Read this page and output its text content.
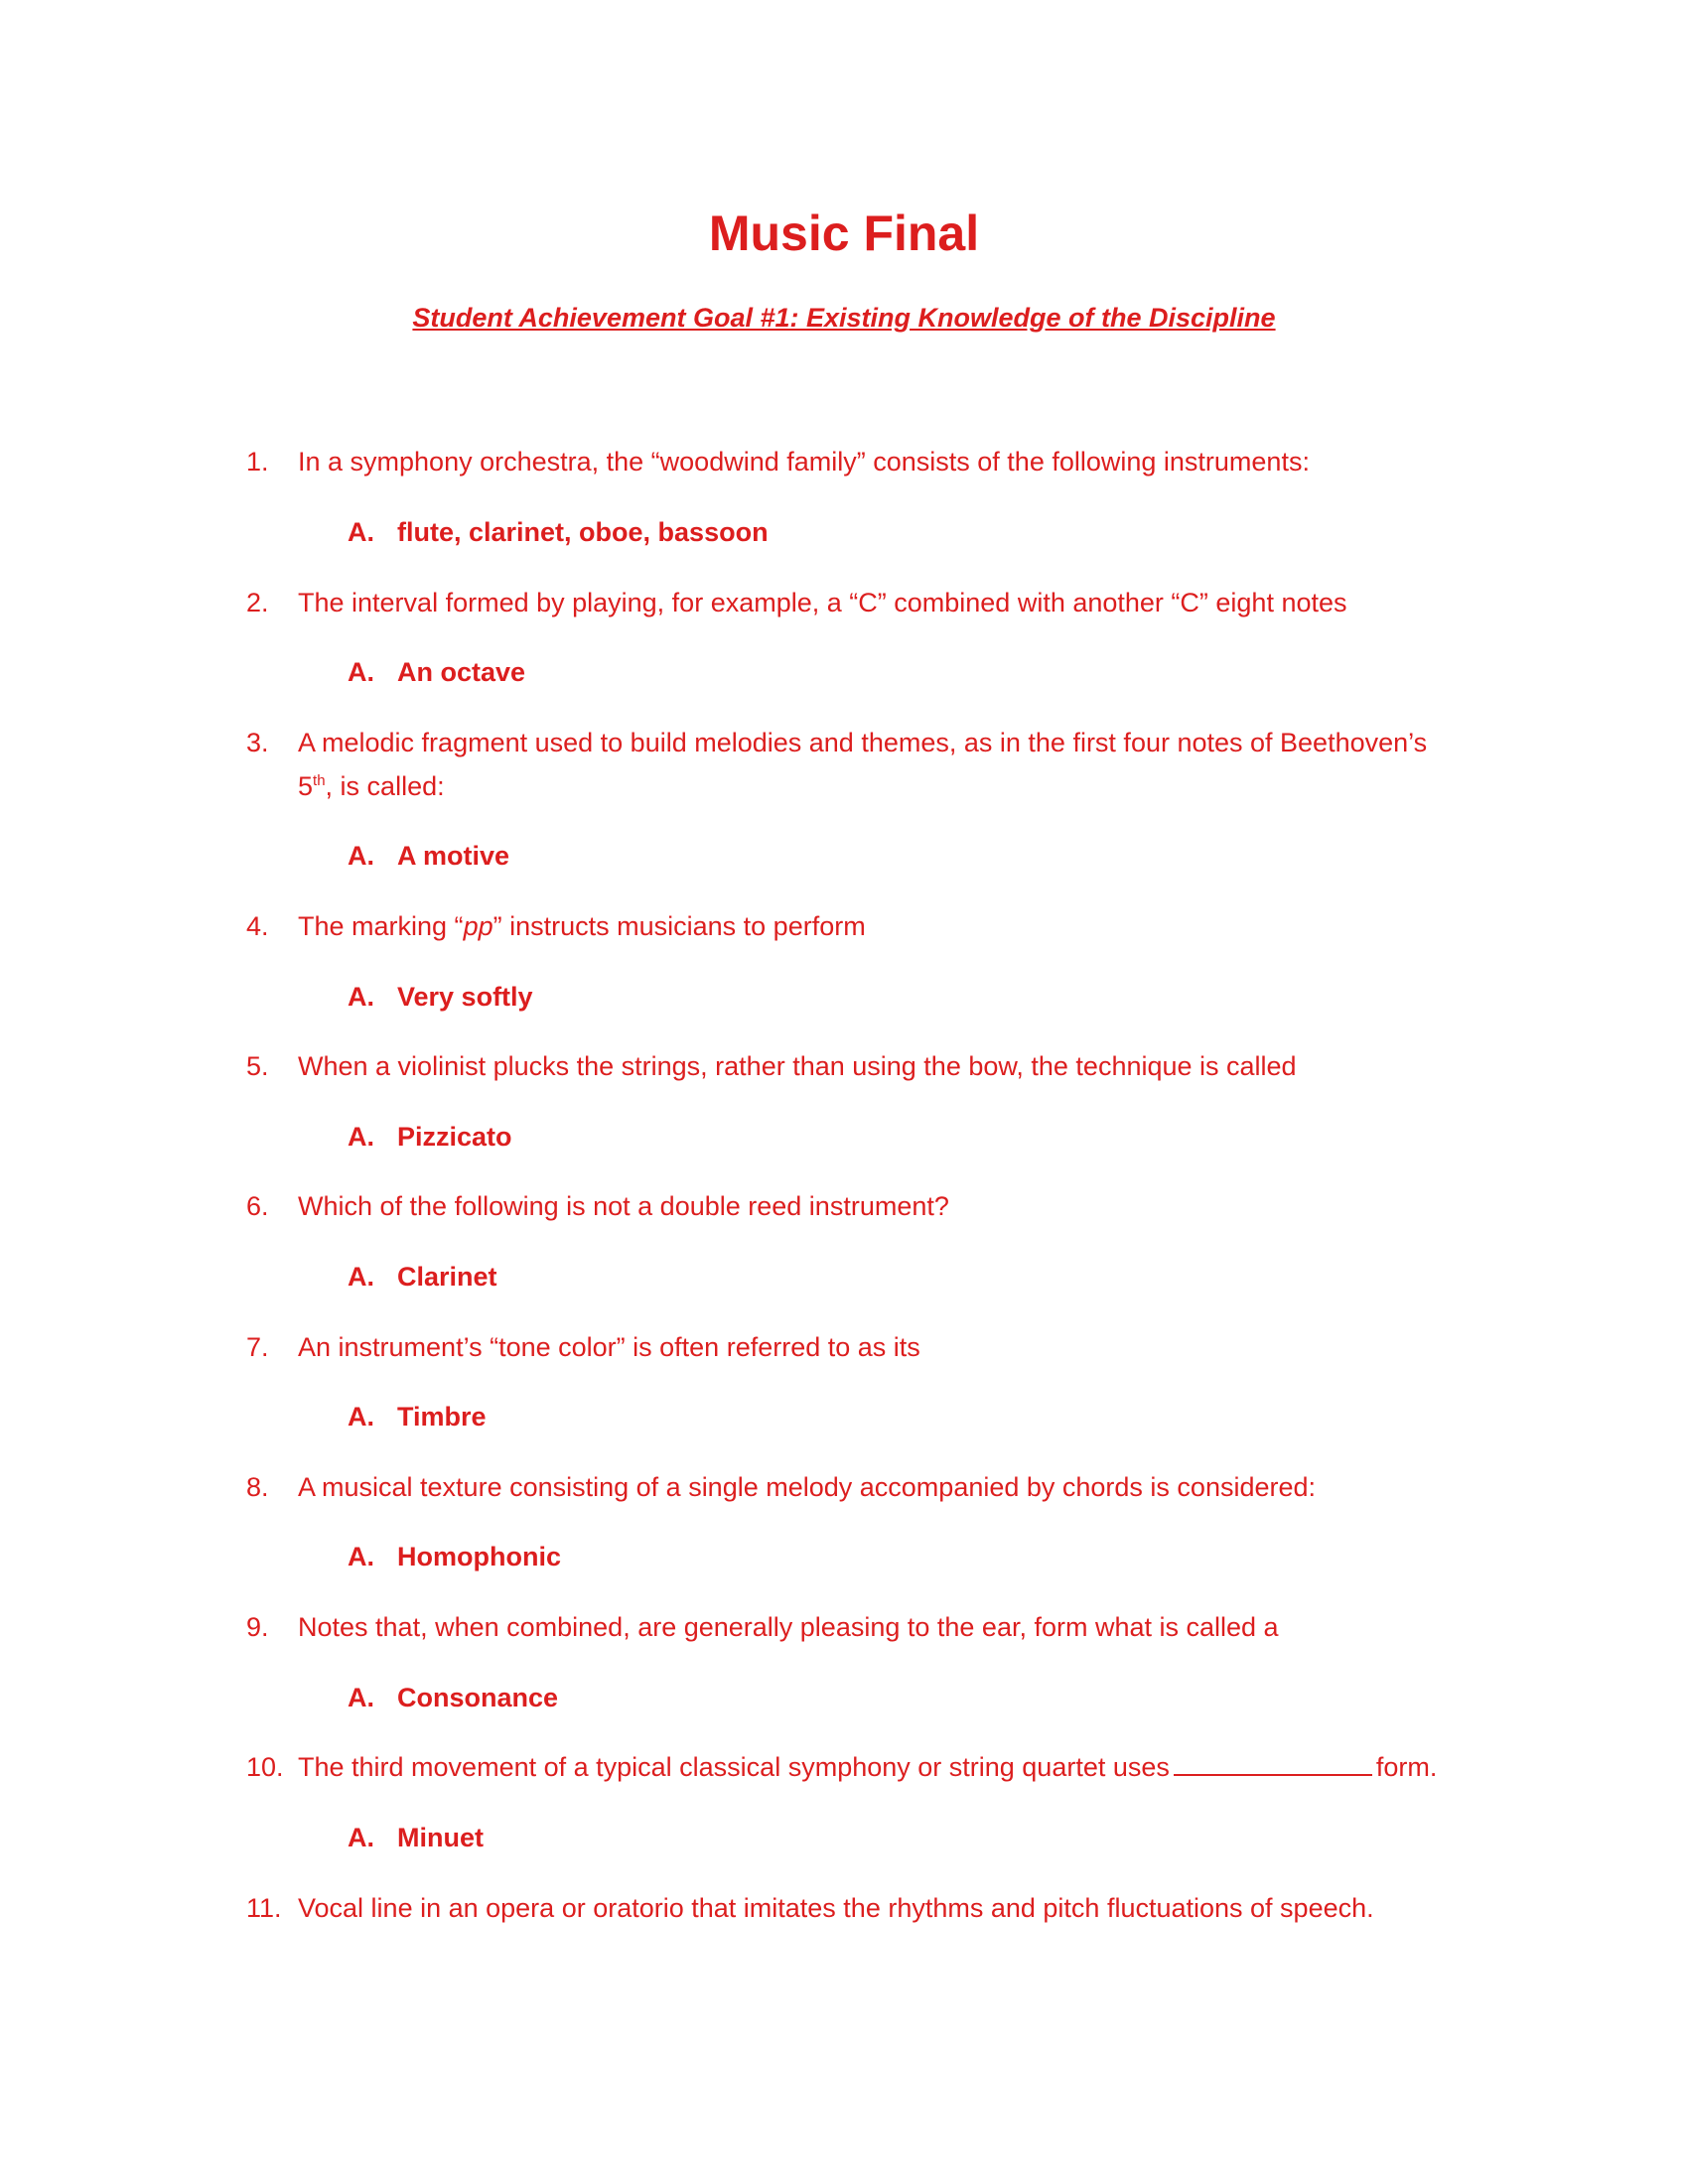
Music Final
Student Achievement Goal #1: Existing Knowledge of the Discipline
1. In a symphony orchestra, the “woodwind family” consists of the following instruments:
A. flute, clarinet, oboe, bassoon
2. The interval formed by playing, for example, a “C” combined with another “C” eight notes
A. An octave
3. A melodic fragment used to build melodies and themes, as in the first four notes of Beethoven’s
5th, is called:
A. A motive
4. The marking “pp” instructs musicians to perform
A. Very softly
5. When a violinist plucks the strings, rather than using the bow, the technique is called
A. Pizzicato
6. Which of the following is not a double reed instrument?
A. Clarinet
7. An instrument’s “tone color” is often referred to as its
A. Timbre
8. A musical texture consisting of a single melody accompanied by chords is considered:
A. Homophonic
9. Notes that, when combined, are generally pleasing to the ear, form what is called a
A. Consonance
10. The third movement of a typical classical symphony or string quartet uses	form.
A. Minuet
11. Vocal line in an opera or oratorio that imitates the rhythms and pitch fluctuations of speech.
